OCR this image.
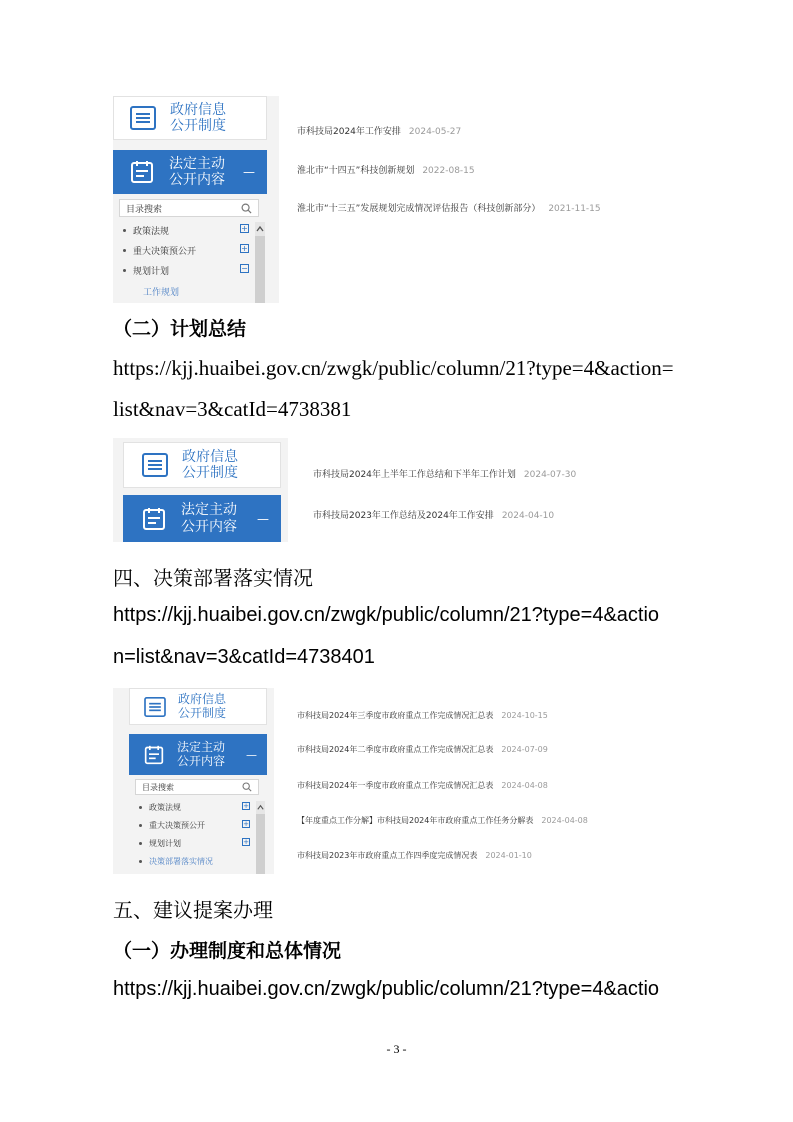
政府信息
公开制度
法定主动
公开内容 —
目录搜索
政策法规
重大决策预公开
规划计划
+
+
−
工作规划
市科技局2024年工作安排 2024-05-27
淮北市“十四五”科技创新规划 2022-08-15
淮北市“十三五”发展规划完成情况评估报告（科技创新部分） 2021-11-15
（二）计划总结
https://kjj.huaibei.gov.cn/zwgk/public/column/21?type=4&action=
list&nav=3&catId=4738381
政府信息
公开制度
法定主动
公开内容 —
市科技局2024年上半年工作总结和下半年工作计划 2024-07-30
市科技局2023年工作总结及2024年工作安排 2024-04-10
四、决策部署落实情况
https://kjj.huaibei.gov.cn/zwgk/public/column/21?type=4&actio
n=list&nav=3&catId=4738401
政府信息
公开制度
法定主动
公开内容 —
目录搜索
政策法规
重大决策预公开
规划计划
决策部署落实情况
+
+
+
市科技局2024年三季度市政府重点工作完成情况汇总表 2024-10-15
市科技局2024年二季度市政府重点工作完成情况汇总表 2024-07-09
市科技局2024年一季度市政府重点工作完成情况汇总表 2024-04-08
【年度重点工作分解】市科技局2024年市政府重点工作任务分解表 2024-04-08
市科技局2023年市政府重点工作四季度完成情况表 2024-01-10
五、建议提案办理
（一）办理制度和总体情况
https://kjj.huaibei.gov.cn/zwgk/public/column/21?type=4&actio
- 3 -
